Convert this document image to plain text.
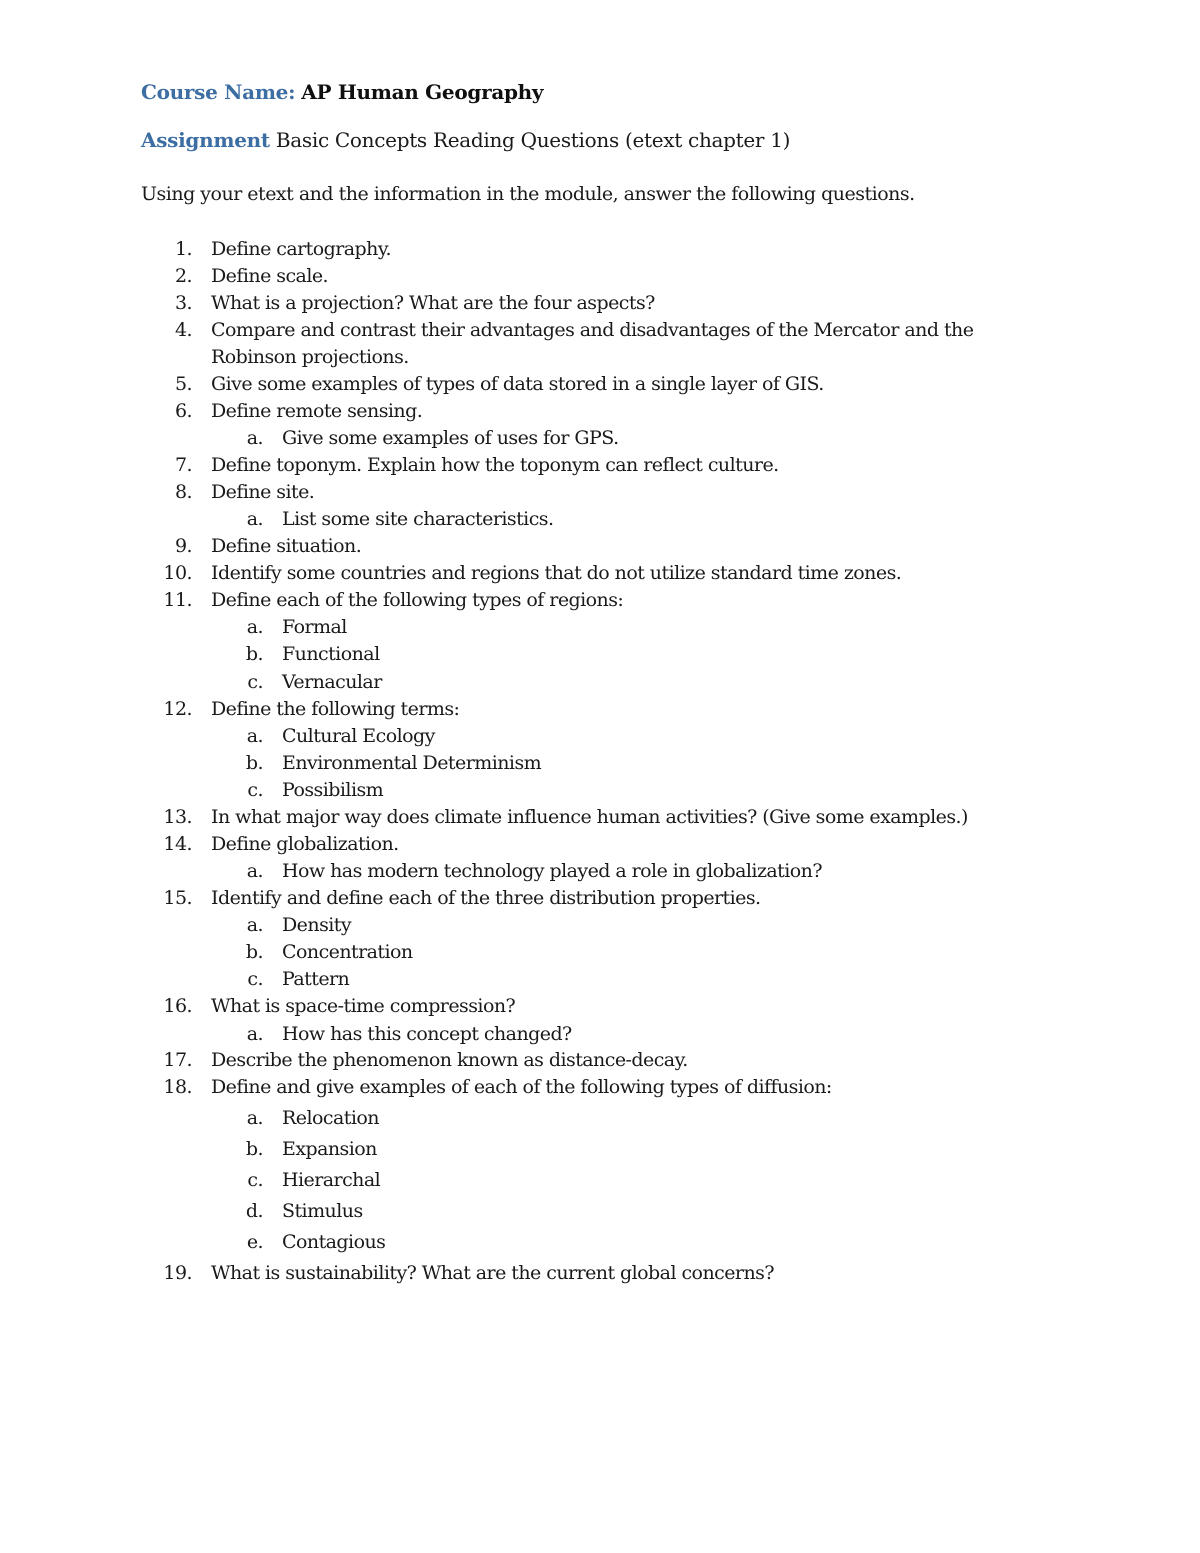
Course Name: AP Human Geography
Assignment Basic Concepts Reading Questions (etext chapter 1)
Using your etext and the information in the module, answer the following questions.
1. Define cartography.
2. Define scale.
3. What is a projection? What are the four aspects?
4. Compare and contrast their advantages and disadvantages of the Mercator and the
Robinson projections.
5. Give some examples of types of data stored in a single layer of GIS.
6. Define remote sensing.
a. Give some examples of uses for GPS.
7. Define toponym. Explain how the toponym can reflect culture.
8. Define site.
a. List some site characteristics.
9. Define situation.
10. Identify some countries and regions that do not utilize standard time zones.
11. Define each of the following types of regions:
a. Formal
b. Functional
c. Vernacular
12. Define the following terms:
a. Cultural Ecology
b. Environmental Determinism
c. Possibilism
13. In what major way does climate influence human activities? (Give some examples.)
14. Define globalization.
a. How has modern technology played a role in globalization?
15. Identify and define each of the three distribution properties.
a. Density
b. Concentration
c. Pattern
16. What is space-time compression?
a. How has this concept changed?
17. Describe the phenomenon known as distance-decay.
18. Define and give examples of each of the following types of diffusion:
a. Relocation
b. Expansion
c. Hierarchal
d. Stimulus
e. Contagious
19. What is sustainability? What are the current global concerns?
